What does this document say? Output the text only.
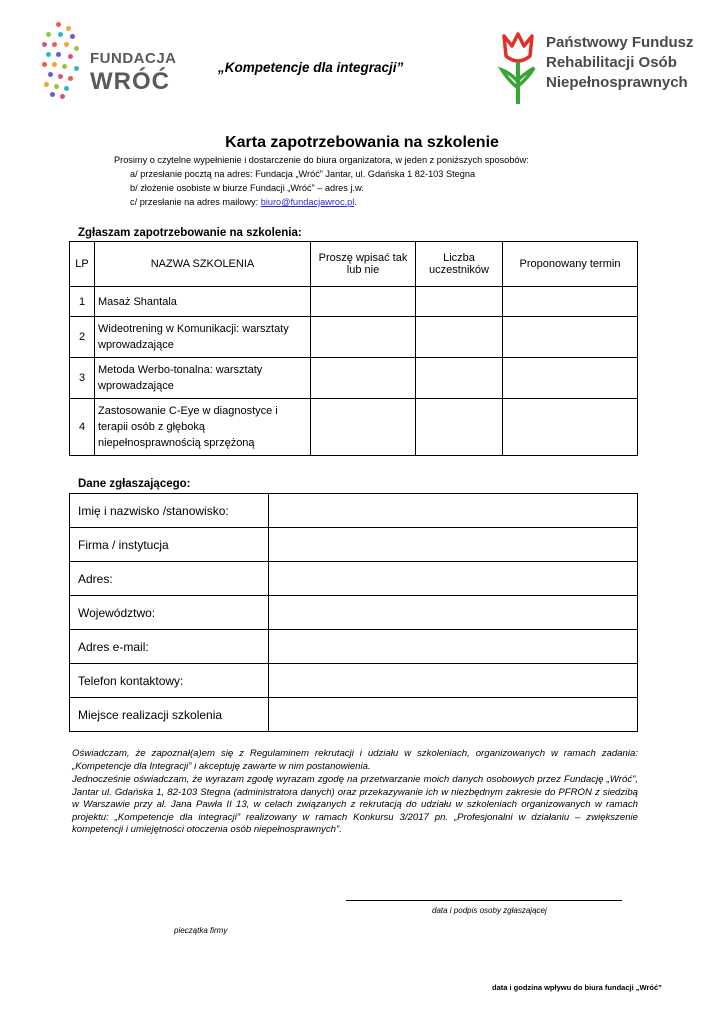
FUNDACJA
WRÓĆ
„Kompetencje dla integracji”
Państwowy Fundusz
Rehabilitacji Osób
Niepełnosprawnych
Karta zapotrzebowania na szkolenie
Prosimy o czytelne wypełnienie i dostarczenie do biura organizatora, w jeden z poniższych sposobów:
a/ przesłanie pocztą na adres: Fundacja „Wróć” Jantar, ul. Gdańska 1 82-103 Stegna
b/ złożenie osobiste w biurze Fundacji „Wróć” – adres j.w.
c/ przesłanie na adres mailowy: biuro@fundacjawroc.pl.
Zgłaszam zapotrzebowanie na szkolenia:
LP	NAZWA SZKOLENIA	Proszę wpisać tak lub nie	Liczba uczestników	Proponowany termin
1	Masaż Shantala			
2	Wideotrening w Komunikacji: warsztaty wprowadzające			
3	Metoda Werbo-tonalna: warsztaty wprowadzające			
4	Zastosowanie C-Eye w diagnostyce i terapii osób z głęboką niepełnosprawnością sprzężoną			
Dane zgłaszającego:
Imię i nazwisko /stanowisko:	
Firma / instytucja	
Adres:	
Województwo:	
Adres e-mail:	
Telefon kontaktowy:	
Miejsce realizacji szkolenia	
Oświadczam, że zapoznał(a)em się z Regulaminem rekrutacji i udziału w szkoleniach, organizowanych w ramach zadania: „Kompetencje dla Integracji” i akceptuję zawarte w nim postanowienia.
Jednocześnie oświadczam, że wyrazam zgodę wyrazam zgodę na przetwarzanie moich danych osobowych przez Fundację „Wróć”, Jantar ul. Gdańska 1, 82-103 Stegna (administratora danych) oraz przekazywanie ich w niezbędnym zakresie do PFRON z siedzibą w Warszawie przy al. Jana Pawła II 13, w celach związanych z rekrutacją do udziału w szkoleniach organizowanych w ramach projektu: „Kompetencje dla integracji” realizowany w ramach Konkursu 3/2017 pn. „Profesjonalni w działaniu – zwiększenie kompetencji i umiejętności otoczenia osób niepełnosprawnych”.
data i podpis osoby zgłaszającej
pieczątka firmy
data i godzina wpływu do biura fundacji „Wróć”
